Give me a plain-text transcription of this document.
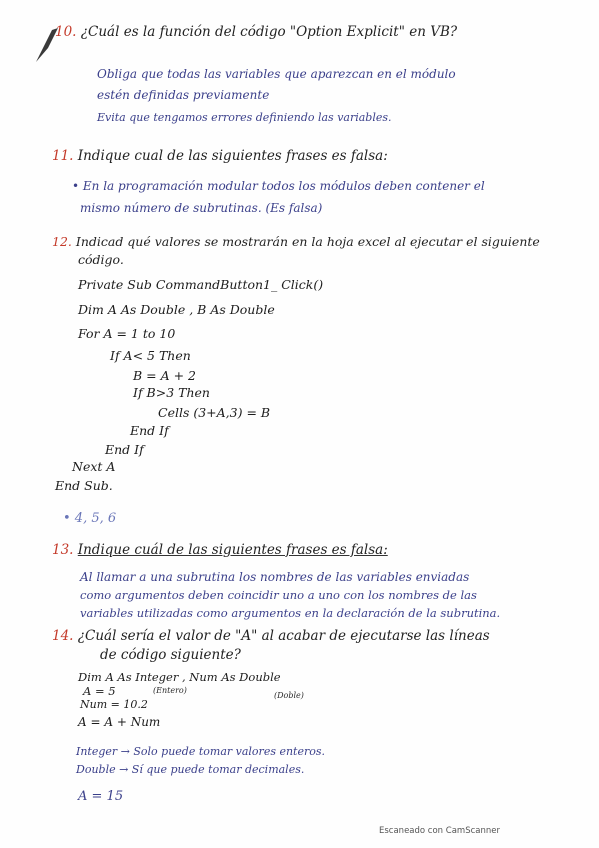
10. ¿Cuál es la función del código "Option Explicit" en VB?
Obliga que todas las variables que aparezcan en el módulo
estén definidas previamente
Evita que tengamos errores definiendo las variables.
11. Indique cual de las siguientes frases es falsa:
• En la programación modular todos los módulos deben contener el
mismo número de subrutinas. (Es falsa)
12. Indicad qué valores se mostrarán en la hoja excel al ejecutar el siguiente
código.
Private Sub CommandButton1_ Click()
Dim A As Double , B As Double
For A = 1 to 10
If A< 5 Then
B = A + 2
If B>3 Then
Cells (3+A,3) = B
End If
End If
Next A
End Sub.
• 4, 5, 6
13. Indique cuál de las siguientes frases es falsa:
Al llamar a una subrutina los nombres de las variables enviadas
como argumentos deben coincidir uno a uno con los nombres de las
variables utilizadas como argumentos en la declaración de la subrutina.
14. ¿Cuál sería el valor de "A" al acabar de ejecutarse las líneas
de código siguiente?
Dim A As Integer , Num As Double
(Entero)
(Doble)
A = 5
Num = 10.2
A = A + Num
Integer → Solo puede tomar valores enteros.
Double → Sí que puede tomar decimales.
A = 15
Escaneado con CamScanner
